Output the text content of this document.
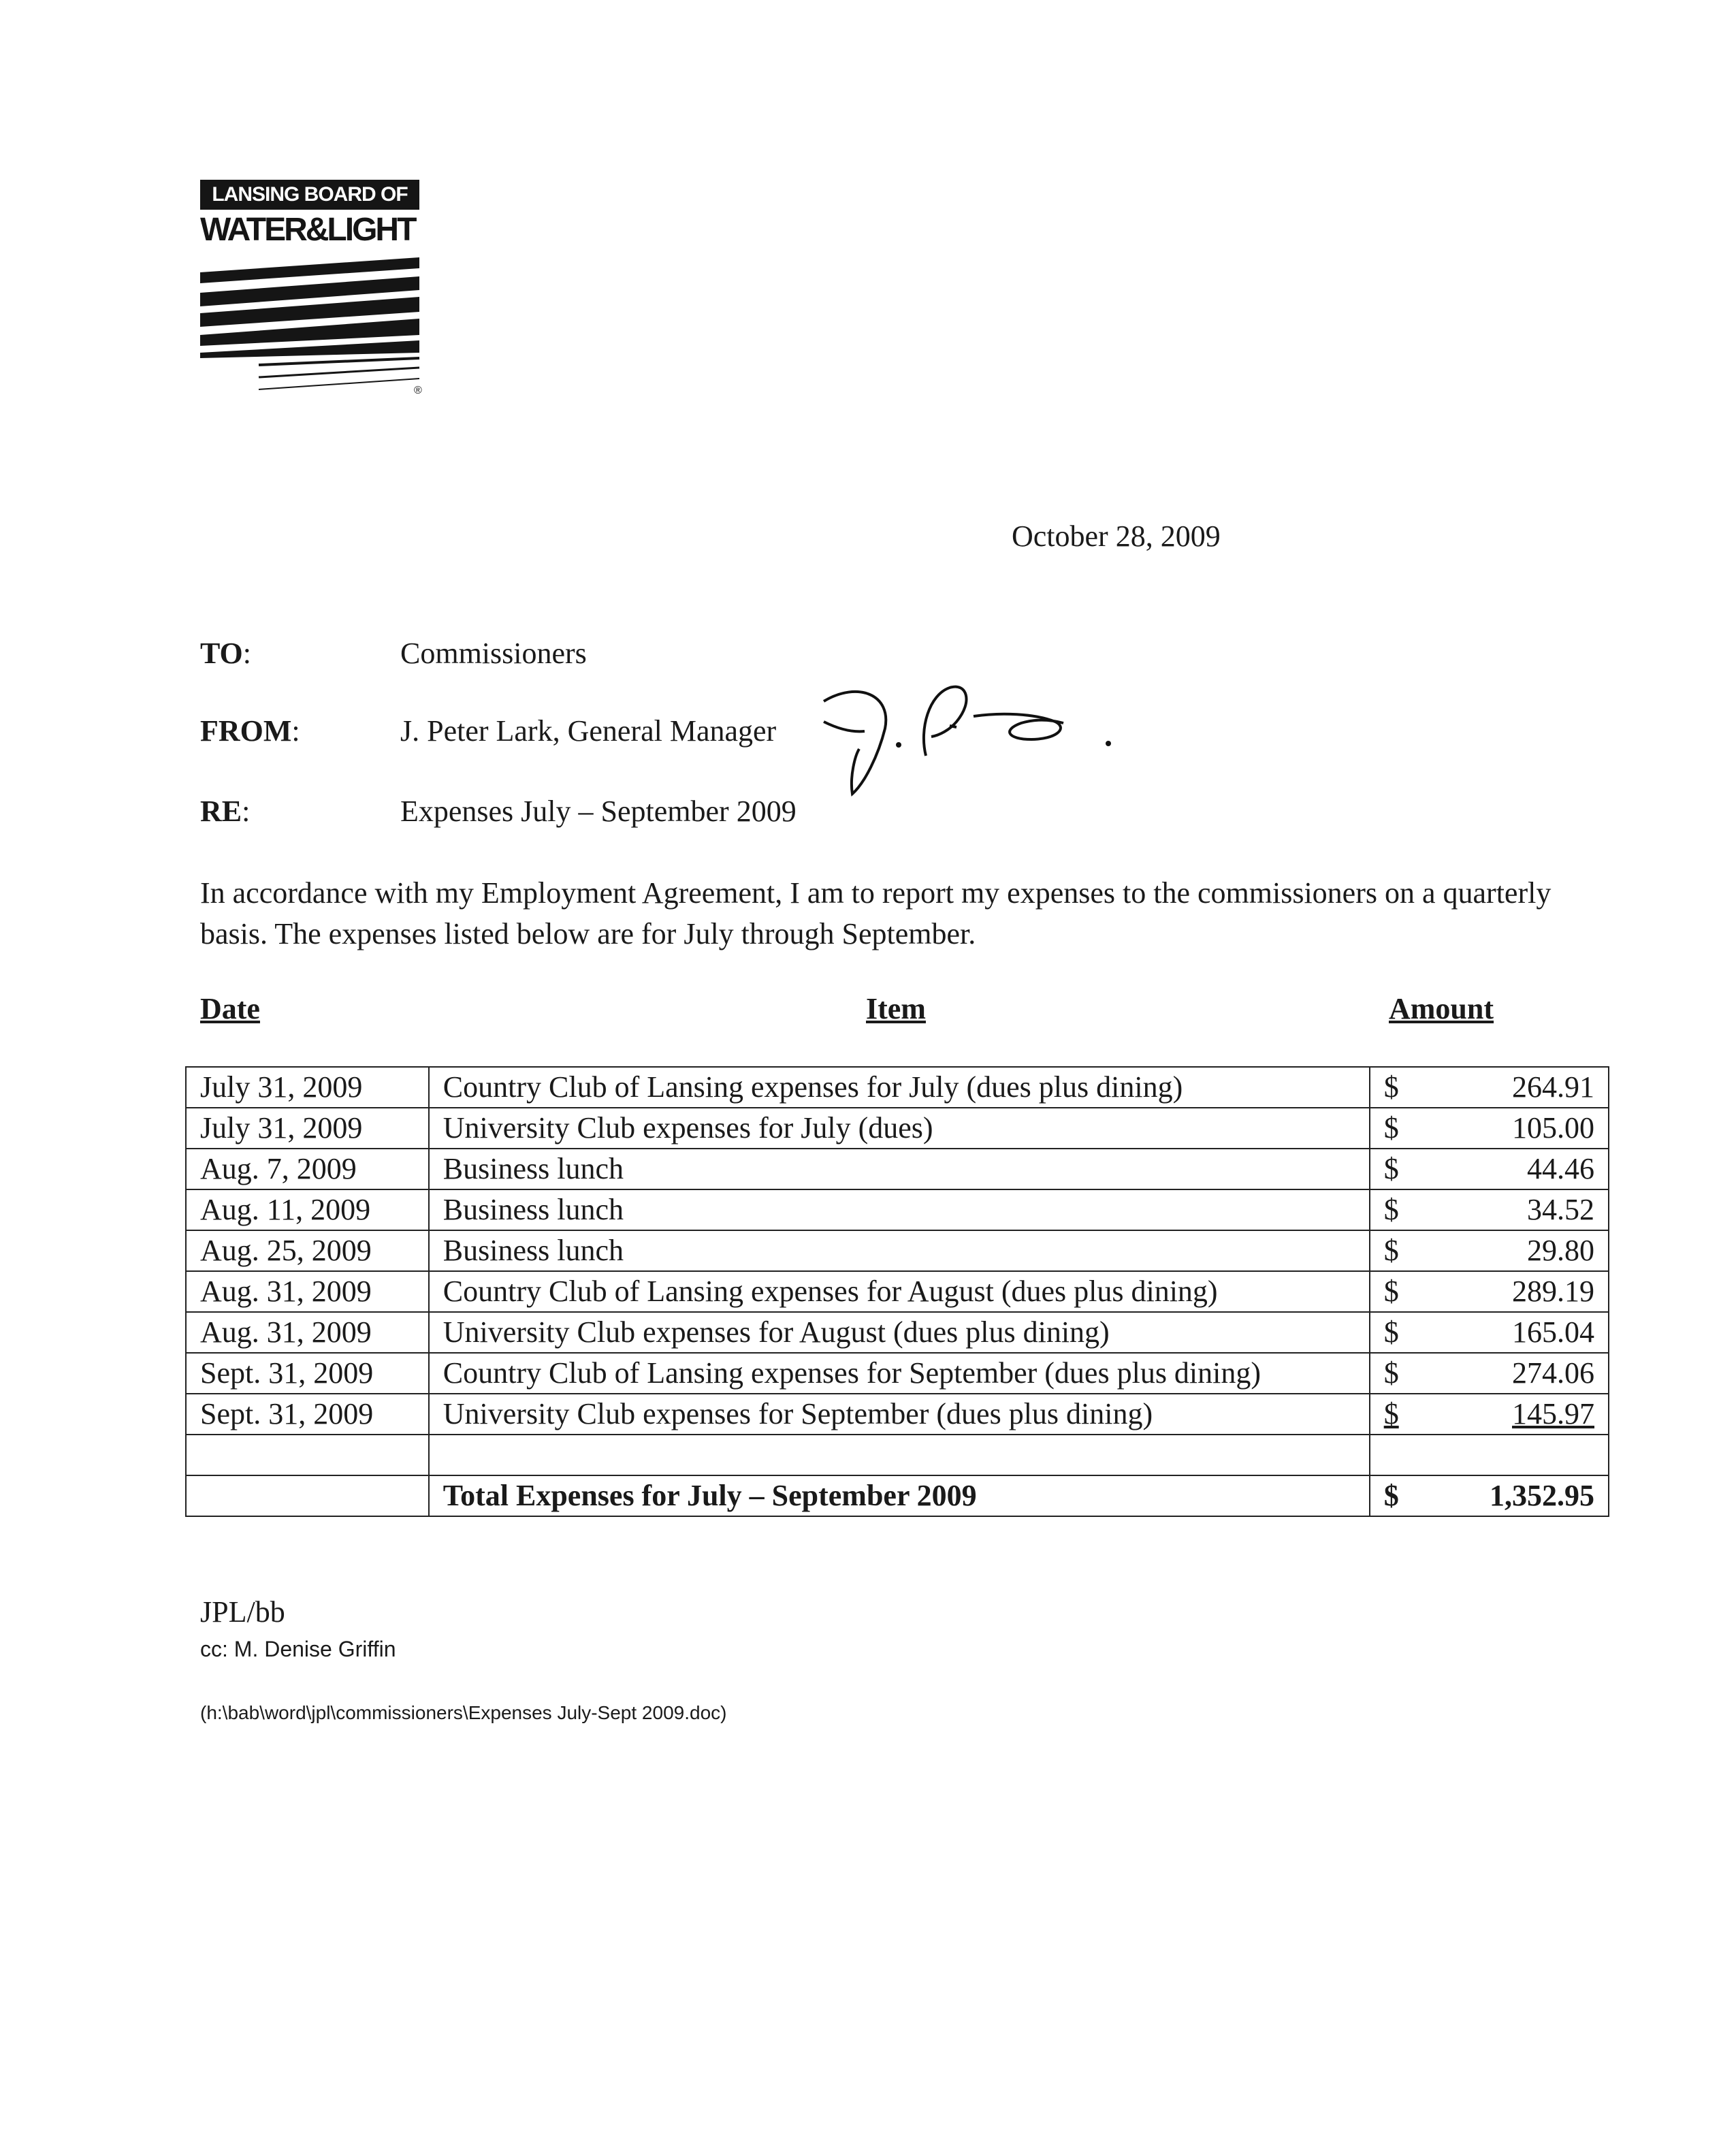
LANSING BOARD OF
WATER&LIGHT
®
October 28, 2009
TO:	Commissioners
FROM:	J. Peter Lark, General Manager
RE:	Expenses July – September 2009
In accordance with my Employment Agreement, I am to report my expenses to the commissioners on a quarterly basis. The expenses listed below are for July through September.
Date	Item	Amount
July 31, 2009	Country Club of Lansing expenses for July (dues plus dining)	$ 264.91

July 31, 2009	University Club expenses for July (dues)	$ 105.00

Aug. 7, 2009	Business lunch	$ 44.46

Aug. 11, 2009	Business lunch	$ 34.52

Aug. 25, 2009	Business lunch	$ 29.80

Aug. 31, 2009	Country Club of Lansing expenses for August (dues plus dining)	$ 289.19

Aug. 31, 2009	University Club expenses for August (dues plus dining)	$ 165.04

Sept. 31, 2009	Country Club of Lansing expenses for September (dues plus dining)	$ 274.06

Sept. 31, 2009	University Club expenses for September (dues plus dining)	$ 145.97

	Total Expenses for July – September 2009	$ 1,352.95
JPL/bb
cc: M. Denise Griffin
(h:\bab\word\jpl\commissioners\Expenses July-Sept 2009.doc)
